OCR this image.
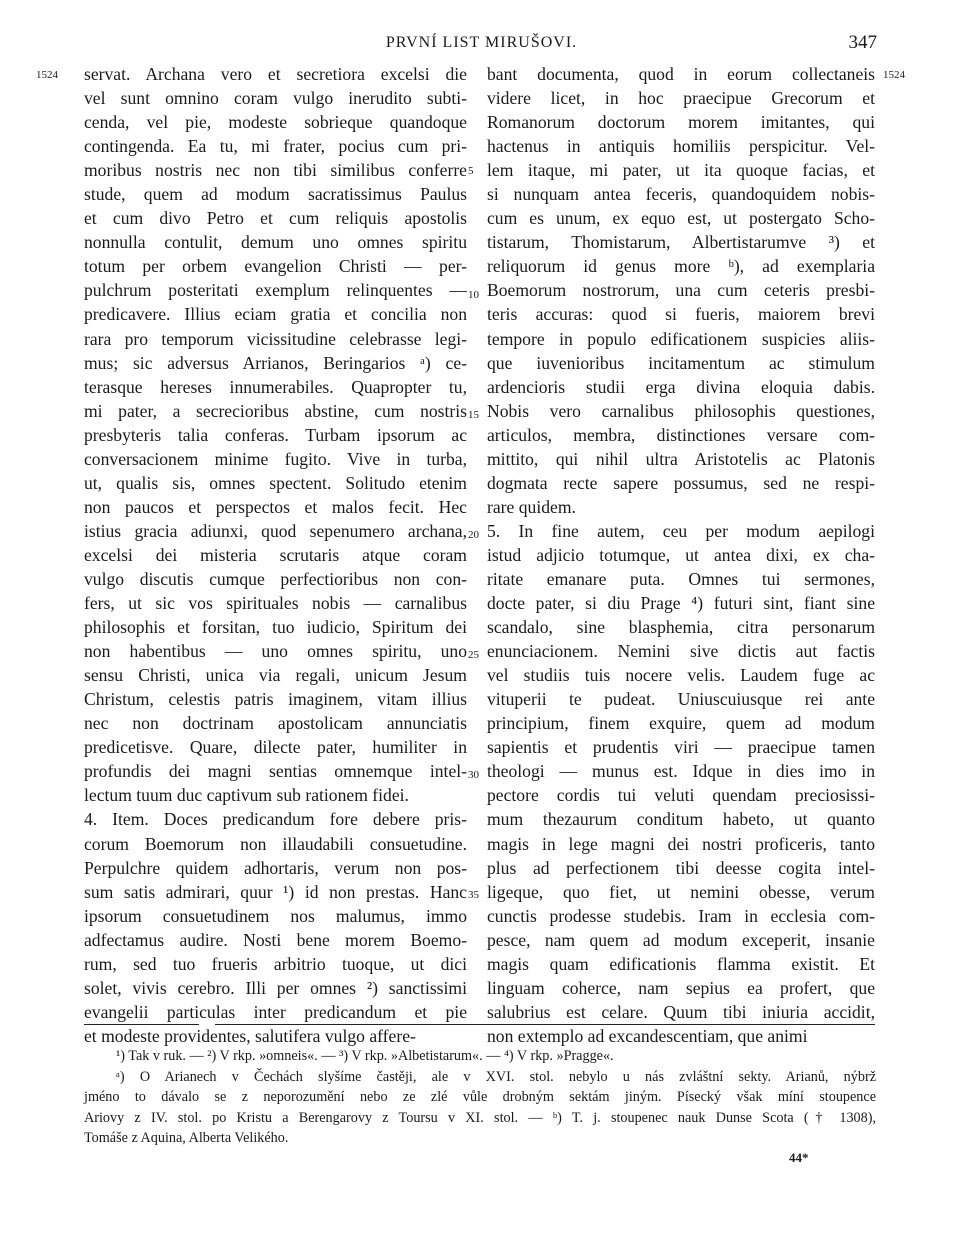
PRVNÍ LIST MIRUŠOVI.	347
1524	1524
5
10
15
20
25
30
35
servat. Archana vero et secretiora excelsi die
vel sunt omnino coram vulgo inerudito subti-
cenda, vel pie, modeste sobrieque quandoque
contingenda. Ea tu, mi frater, pocius cum pri-
moribus nostris nec non tibi similibus conferre
stude, quem ad modum sacratissimus Paulus
et cum divo Petro et cum reliquis apostolis
nonnulla contulit, demum uno omnes spiritu
totum per orbem evangelion Christi — per-
pulchrum posteritati exemplum relinquentes —
predicavere. Illius eciam gratia et concilia non
rara pro temporum vicissitudine celebrasse legi-
mus; sic adversus Arrianos, Beringarios ᵃ) ce-
terasque hereses innumerabiles. Quapropter tu,
mi pater, a secrecioribus abstine, cum nostris
presbyteris talia conferas. Turbam ipsorum ac
conversacionem minime fugito. Vive in turba,
ut, qualis sis, omnes spectent. Solitudo etenim
non paucos et perspectos et malos fecit. Hec
istius gracia adiunxi, quod sepenumero archana,
excelsi dei misteria scrutaris atque coram
vulgo discutis cumque perfectioribus non con-
fers, ut sic vos spirituales nobis — carnalibus
philosophis et forsitan, tuo iudicio, Spiritum dei
non habentibus — uno omnes spiritu, uno
sensu Christi, unica via regali, unicum Jesum
Christum, celestis patris imaginem, vitam illius
nec non doctrinam apostolicam annunciatis
predicetisve. Quare, dilecte pater, humiliter in
profundis dei magni sentias omnemque intel-
lectum tuum duc captivum sub rationem fidei.
4. Item. Doces predicandum fore debere pris-
corum Boemorum non illaudabili consuetudine.
Perpulchre quidem adhortaris, verum non pos-
sum satis admirari, quur ¹) id non prestas. Hanc
ipsorum consuetudinem nos malumus, immo
adfectamus audire. Nosti bene morem Boemo-
rum, sed tuo frueris arbitrio tuoque, ut dici
solet, vivis cerebro. Illi per omnes ²) sanctissimi
evangelii particulas inter predicandum et pie
et modeste providentes, salutifera vulgo affere-
bant documenta, quod in eorum collectaneis
videre licet, in hoc praecipue Grecorum et
Romanorum doctorum morem imitantes, qui
hactenus in antiquis homiliis perspicitur. Vel-
lem itaque, mi pater, ut ita quoque facias, et
si nunquam antea feceris, quandoquidem nobis-
cum es unum, ex equo est, ut postergato Scho-
tistarum, Thomistarum, Albertistarumve ³) et
reliquorum id genus more ᵇ), ad exemplaria
Boemorum nostrorum, una cum ceteris presbi-
teris accuras: quod si fueris, maiorem brevi
tempore in populo edificationem suspicies aliis-
que iuvenioribus incitamentum ac stimulum
ardencioris studii erga divina eloquia dabis.
Nobis vero carnalibus philosophis questiones,
articulos, membra, distinctiones versare com-
mittito, qui nihil ultra Aristotelis ac Platonis
dogmata recte sapere possumus, sed ne respi-
rare quidem.
5. In fine autem, ceu per modum aepilogi
istud adjicio totumque, ut antea dixi, ex cha-
ritate emanare puta. Omnes tui sermones,
docte pater, si diu Prage ⁴) futuri sint, fiant sine
scandalo, sine blasphemia, citra personarum
enunciacionem. Nemini sive dictis aut factis
vel studiis tuis nocere velis. Laudem fuge ac
vituperii te pudeat. Uniuscuiusque rei ante
principium, finem exquire, quem ad modum
sapientis et prudentis viri — praecipue tamen
theologi — munus est. Idque in dies imo in
pectore cordis tui veluti quendam preciosissi-
mum thezaurum conditum habeto, ut quanto
magis in lege magni dei nostri proficeris, tanto
plus ad perfectionem tibi deesse cogita intel-
ligeque, quo fiet, ut nemini obesse, verum
cunctis prodesse studebis. Iram in ecclesia com-
pesce, nam quem ad modum exceperit, insanie
magis quam edificationis flamma existit. Et
linguam coherce, nam sepius ea profert, que
salubrius est celare. Quum tibi iniuria accidit,
non extemplo ad excandescentiam, que animi
¹) Tak v ruk. — ²) V rkp. »omneis«. — ³) V rkp. »Albetistarum«. — ⁴) V rkp. »Pragge«.
ᵃ) O Arianech v Čechách slyšíme častěji, ale v XVI. stol. nebylo u nás zvláštní sekty. Arianů, nýbrž
jméno to dávalo se z neporozumění nebo ze zlé vůle drobným sektám jiným. Písecký však míní stoupence
Ariovy z IV. stol. po Kristu a Berengarovy z Toursu v XI. stol. — ᵇ) T. j. stoupenec nauk Dunse Scota († 1308),
Tomáše z Aquina, Alberta Velikého.
44*
